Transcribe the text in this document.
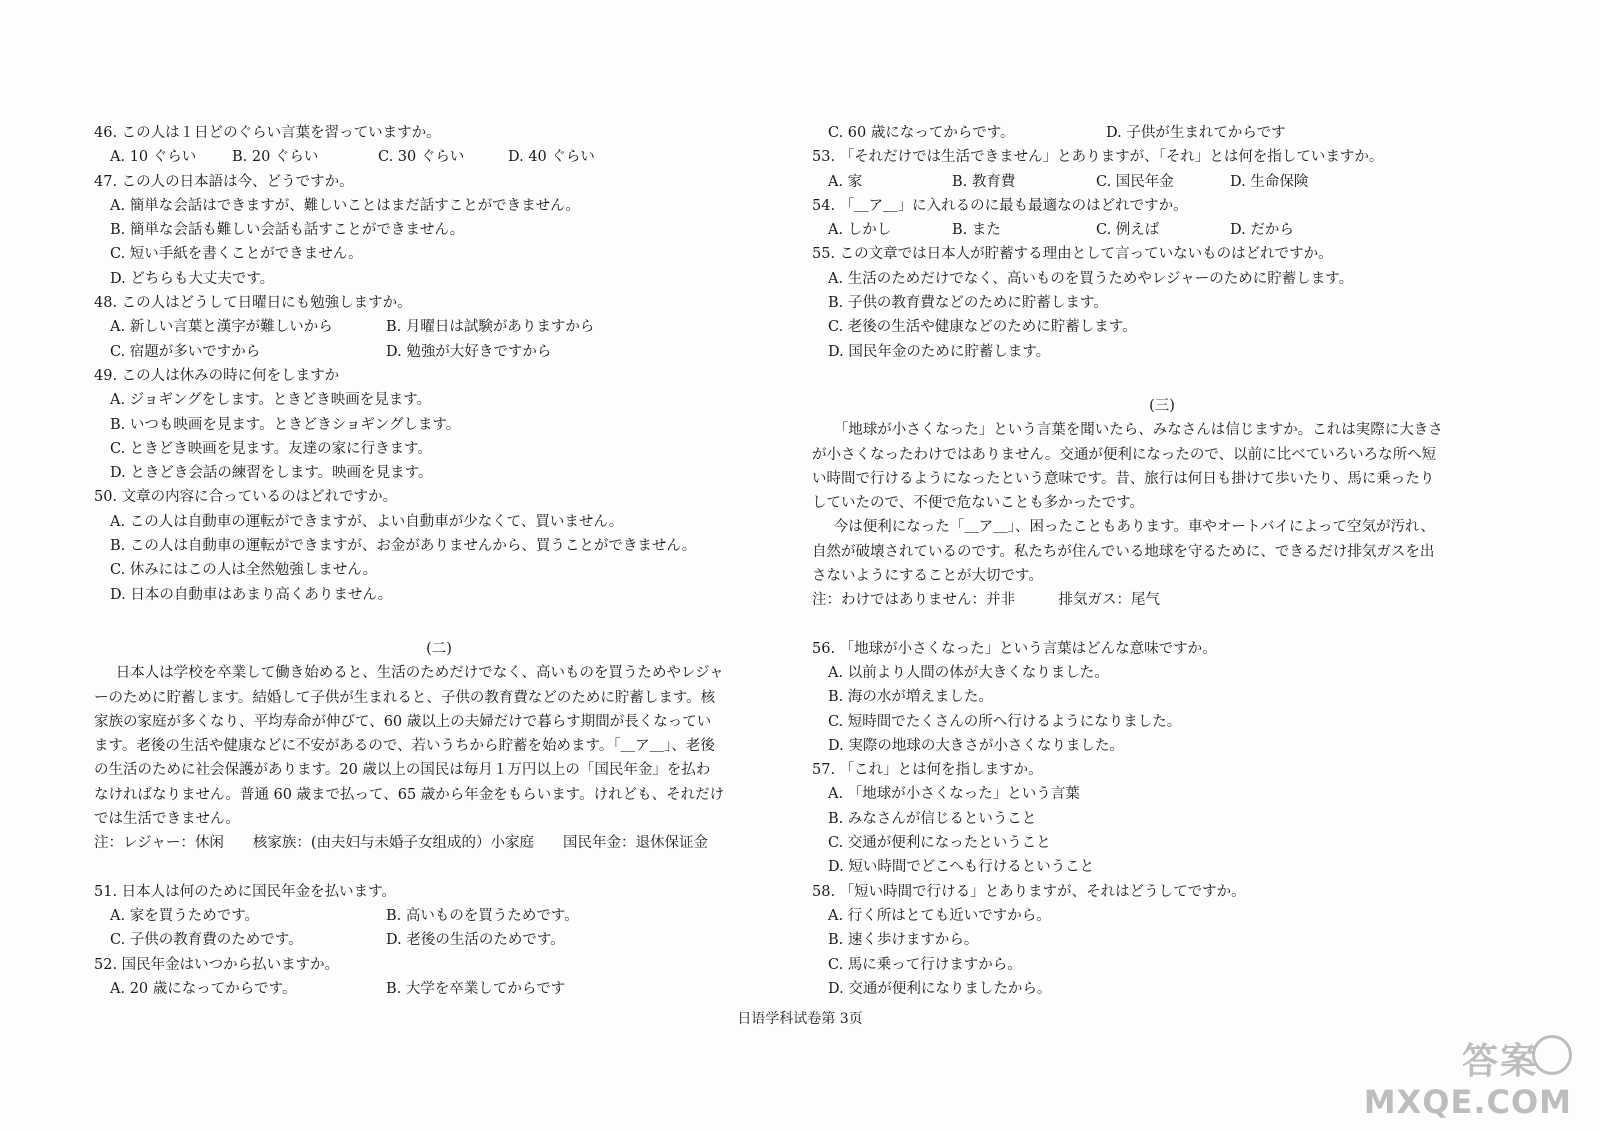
46. この人は１日どのぐらい言葉を習っていますか。
A. 10 ぐらい	B. 20 ぐらい	C. 30 ぐらい	D. 40 ぐらい
47. この人の日本語は今、どうですか。
A. 簡単な会話はできますが、難しいことはまだ話すことができません。
B. 簡単な会話も難しい会話も話すことができません。
C. 短い手紙を書くことができません。
D. どちらも大丈夫です。
48. この人はどうして日曜日にも勉強しますか。
A. 新しい言葉と漢字が難しいから	B. 月曜日は試験がありますから
C. 宿題が多いですから	D. 勉強が大好きですから
49. この人は休みの時に何をしますか
A. ジョギングをします。ときどき映画を見ます。
B. いつも映画を見ます。ときどきショギングします。
C. ときどき映画を見ます。友達の家に行きます。
D. ときどき会話の練習をします。映画を見ます。
50. 文章の内容に合っているのはどれですか。
A. この人は自動車の運転ができますが、よい自動車が少なくて、買いません。
B. この人は自動車の運転ができますが、お金がありませんから、買うことができません。
C. 休みにはこの人は全然勉強しません。
D. 日本の自動車はあまり高くありません。
(二)
日本人は学校を卒業して働き始めると、生活のためだけでなく、高いものを買うためやレジャ
ーのために貯蓄します。結婚して子供が生まれると、子供の教育費などのために貯蓄します。核
家族の家庭が多くなり、平均寿命が伸びて、60 歳以上の夫婦だけで暮らす期間が長くなってい
ます。老後の生活や健康などに不安があるので、若いうちから貯蓄を始めます。「＿ア＿」、老後
の生活のために社会保護があります。20 歳以上の国民は毎月１万円以上の「国民年金」を払わ
なければなりません。普通 60 歳まで払って、65 歳から年金をもらいます。けれども、それだけ
では生活できません。
注：レジャー：休闲　　核家族：(由夫妇与未婚子女组成的）小家庭　　国民年金：退休保证金
51. 日本人は何のために国民年金を払います。
A. 家を買うためです。	B. 高いものを買うためです。
C. 子供の教育費のためです。	D. 老後の生活のためです。
52. 国民年金はいつから払いますか。
A. 20 歳になってからです。	B. 大学を卒業してからです
C. 60 歳になってからです。	D. 子供が生まれてからです
53. 「それだけでは生活できません」とありますが、「それ」とは何を指していますか。
A. 家	B. 教育費	C. 国民年金	D. 生命保険
54. 「＿ア＿」に入れるのに最も最適なのはどれですか。
A. しかし	B. また	C. 例えば	D. だから
55. この文章では日本人が貯蓄する理由として言っていないものはどれですか。
A. 生活のためだけでなく、高いものを買うためやレジャーのために貯蓄します。
B. 子供の教育費などのために貯蓄します。
C. 老後の生活や健康などのために貯蓄します。
D. 国民年金のために貯蓄します。
(三)
「地球が小さくなった」という言葉を聞いたら、みなさんは信じますか。これは実際に大きさ
が小さくなったわけではありません。交通が便利になったので、以前に比べていろいろな所へ短
い時間で行けるようになったという意味です。昔、旅行は何日も掛けて歩いたり、馬に乗ったり
していたので、不便で危ないことも多かったです。
今は便利になった「＿ア＿」、困ったこともあります。車やオートバイによって空気が汚れ、
自然が破壊されているのです。私たちが住んでいる地球を守るために、できるだけ排気ガスを出
さないようにすることが大切です。
注：わけではありません：并非　　　排気ガス：尾气
56. 「地球が小さくなった」という言葉はどんな意味ですか。
A. 以前より人間の体が大きくなりました。
B. 海の水が増えました。
C. 短時間でたくさんの所へ行けるようになりました。
D. 実際の地球の大きさが小さくなりました。
57. 「これ」とは何を指しますか。
A. 「地球が小さくなった」という言葉
B. みなさんが信じるということ
C. 交通が便利になったということ
D. 短い時間でどこへも行けるということ
58. 「短い時間で行ける」とありますが、それはどうしてですか。
A. 行く所はとても近いですから。
B. 速く歩けますから。
C. 馬に乗って行けますから。
D. 交通が便利になりましたから。
日语学科试卷第 3页
答案
MXQE.COM
